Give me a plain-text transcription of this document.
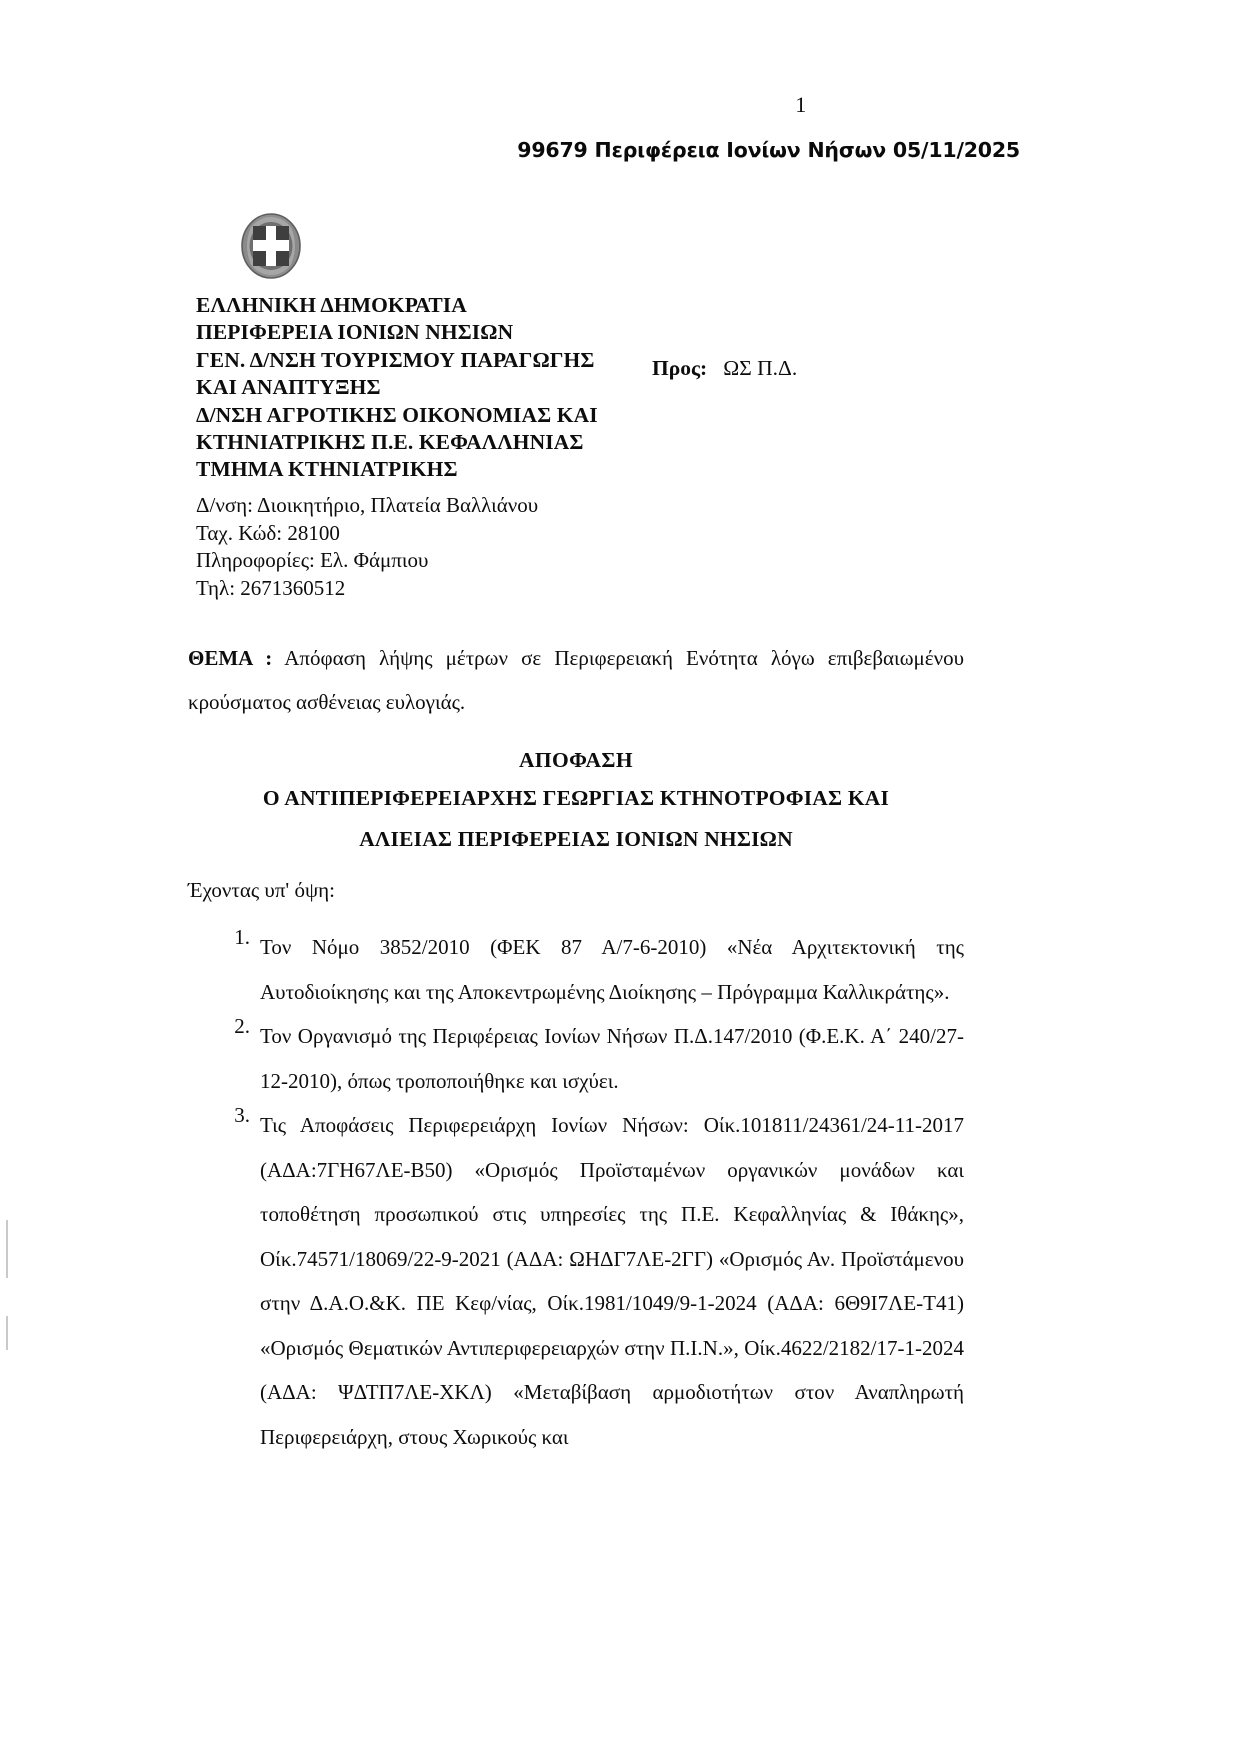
1
99679 Περιφέρεια Ιονίων Νήσων 05/11/2025
ΕΛΛΗΝΙΚΗ ΔΗΜΟΚΡΑΤΙΑ
ΠΕΡΙΦΕΡΕΙΑ ΙΟΝΙΩΝ ΝΗΣΙΩΝ
ΓΕΝ. Δ/ΝΣΗ ΤΟΥΡΙΣΜΟΥ ΠΑΡΑΓΩΓΗΣ
ΚΑΙ ΑΝΑΠΤΥΞΗΣ
Δ/ΝΣΗ ΑΓΡΟΤΙΚΗΣ ΟΙΚΟΝΟΜΙΑΣ ΚΑΙ
ΚΤΗΝΙΑΤΡΙΚΗΣ Π.Ε. ΚΕΦΑΛΛΗΝΙΑΣ
ΤΜΗΜΑ ΚΤΗΝΙΑΤΡΙΚΗΣ
Προς: ΩΣ Π.Δ.
Δ/νση: Διοικητήριο, Πλατεία Βαλλιάνου
Ταχ. Κώδ: 28100
Πληροφορίες: Ελ. Φάμπιου
Τηλ: 2671360512
ΘΕΜΑ : Απόφαση λήψης μέτρων σε Περιφερειακή Ενότητα λόγω επιβεβαιωμένου κρούσματος ασθένειας ευλογιάς.
ΑΠΟΦΑΣΗ
Ο ΑΝΤΙΠΕΡΙΦΕΡΕΙΑΡΧΗΣ ΓΕΩΡΓΙΑΣ ΚΤΗΝΟΤΡΟΦΙΑΣ ΚΑΙ
ΑΛΙΕΙΑΣ ΠΕΡΙΦΕΡΕΙΑΣ ΙΟΝΙΩΝ ΝΗΣΙΩΝ
Έχοντας υπ' όψη:
1. Τον Νόμο 3852/2010 (ΦΕΚ 87 Α/7-6-2010) «Νέα Αρχιτεκτονική της Αυτοδιοίκησης και της Αποκεντρωμένης Διοίκησης – Πρόγραμμα Καλλικράτης».
2. Τον Οργανισμό της Περιφέρειας Ιονίων Νήσων Π.Δ.147/2010 (Φ.Ε.Κ. Α΄ 240/27-12-2010), όπως τροποποιήθηκε και ισχύει.
3. Τις Αποφάσεις Περιφερειάρχη Ιονίων Νήσων: Οίκ.101811/24361/24-11-2017 (ΑΔΑ:7ΓΗ67ΛΕ-Β50) «Ορισμός Προϊσταμένων οργανικών μονάδων και τοποθέτηση προσωπικού στις υπηρεσίες της Π.Ε. Κεφαλληνίας & Ιθάκης», Οίκ.74571/18069/22-9-2021 (ΑΔΑ: ΩΗΔΓ7ΛΕ-2ΓΓ) «Ορισμός Αν. Προϊστάμενου στην Δ.Α.Ο.&Κ. ΠΕ Κεφ/νίας, Οίκ.1981/1049/9-1-2024 (ΑΔΑ: 6Θ9Ι7ΛΕ-Τ41) «Ορισμός Θεματικών Αντιπεριφερειαρχών στην Π.Ι.Ν.», Οίκ.4622/2182/17-1-2024 (ΑΔΑ: ΨΔΤΠ7ΛΕ-ΧΚΛ) «Μεταβίβαση αρμοδιοτήτων στον Αναπληρωτή Περιφερειάρχη, στους Χωρικούς και
